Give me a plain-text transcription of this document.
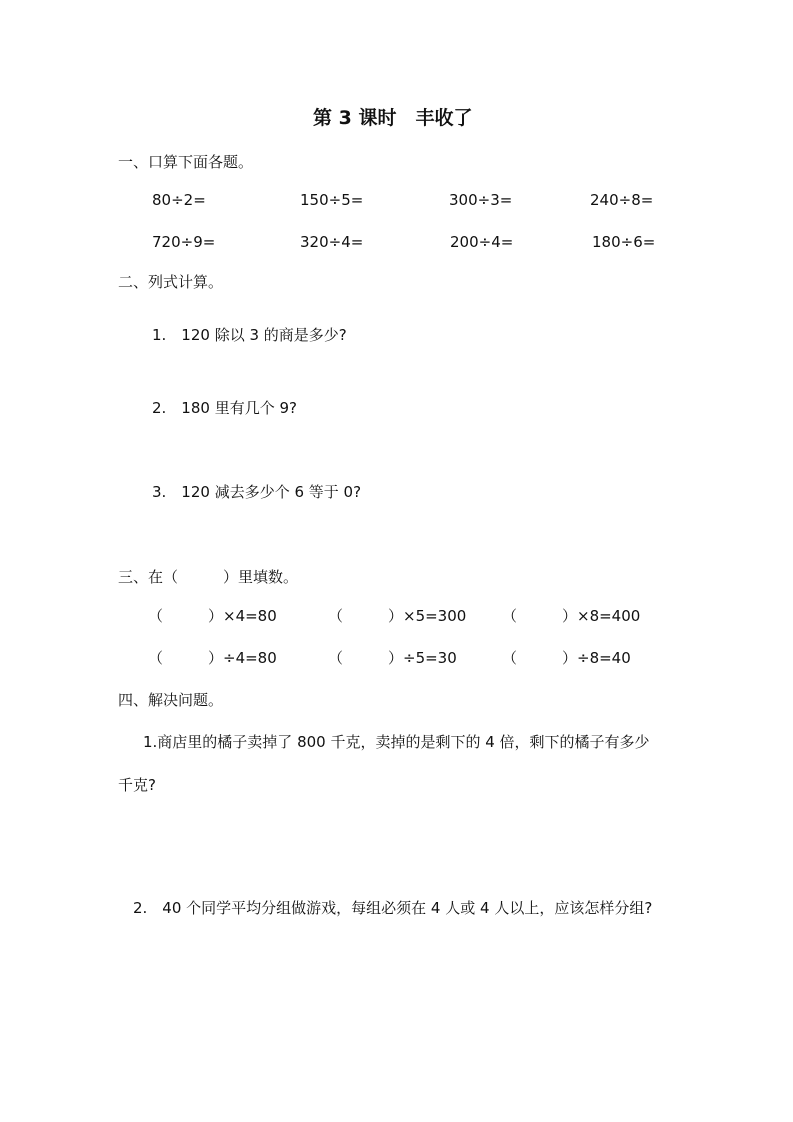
第 3 课时　丰收了
一、口算下面各题。
80÷2=	150÷5=	300÷3=	240÷8=
720÷9=	320÷4=	200÷4=	180÷6=
二、列式计算。
1.　120 除以 3 的商是多少?
2.　180 里有几个 9?
3.　120 减去多少个 6 等于 0?
三、在（　　　）里填数。
（　　　）×4=80	（　　　）×5=300 （　　　）×8=400
（　　　）÷4=80	（　　　）÷5=30	（　　　）÷8=40
四、解决问题。
1.商店里的橘子卖掉了 800 千克，卖掉的是剩下的 4 倍，剩下的橘子有多少
千克?
2.　40 个同学平均分组做游戏，每组必须在 4 人或 4 人以上，应该怎样分组?
